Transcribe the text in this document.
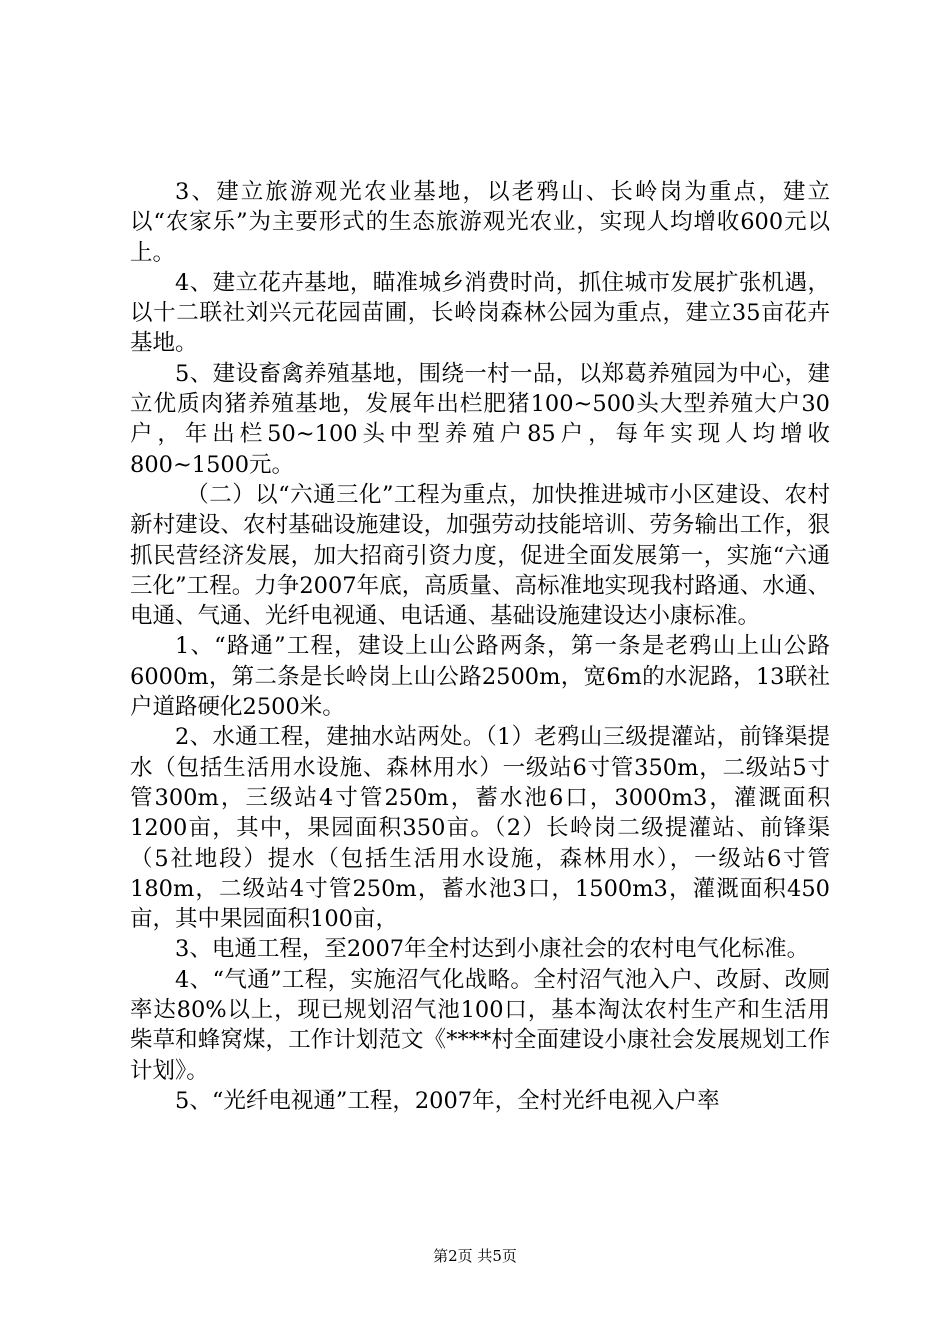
3、建立旅游观光农业基地，以老鸦山、长岭岗为重点，建立以“农家乐”为主要形式的生态旅游观光农业，实现人均增收600元以上。

4、建立花卉基地，瞄准城乡消费时尚，抓住城市发展扩张机遇，以十二联社刘兴元花园苗圃，长岭岗森林公园为重点，建立35亩花卉基地。

5、建设畜禽养殖基地，围绕一村一品，以郑葛养殖园为中心，建立优质肉猪养殖基地，发展年出栏肥猪100~500头大型养殖大户30户，年出栏50~100头中型养殖户85户，每年实现人均增收800~1500元。

（二）以“六通三化”工程为重点，加快推进城市小区建设、农村新村建设、农村基础设施建设，加强劳动技能培训、劳务输出工作，狠抓民营经济发展，加大招商引资力度，促进全面发展第一，实施“六通三化”工程。力争2007年底，高质量、高标准地实现我村路通、水通、电通、气通、光纤电视通、电话通、基础设施建设达小康标准。

1、“路通”工程，建设上山公路两条，第一条是老鸦山上山公路6000m，第二条是长岭岗上山公路2500m，宽6m的水泥路，13联社户道路硬化2500米。

2、水通工程，建抽水站两处。（1）老鸦山三级提灌站，前锋渠提水（包括生活用水设施、森林用水）一级站6寸管350m，二级站5寸管300m，三级站4寸管250m，蓄水池6口，3000m3，灌溉面积1200亩，其中，果园面积350亩。（2）长岭岗二级提灌站、前锋渠（5社地段）提水（包括生活用水设施，森林用水），一级站6寸管180m，二级站4寸管250m，蓄水池3口，1500m3，灌溉面积450亩，其中果园面积100亩，

3、电通工程，至2007年全村达到小康社会的农村电气化标准。

4、“气通”工程，实施沼气化战略。全村沼气池入户、改厨、改厕率达80%以上，现已规划沼气池100口，基本淘汰农村生产和生活用柴草和蜂窝煤，工作计划范文《****村全面建设小康社会发展规划工作计划》。

5、“光纤电视通”工程，2007年，全村光纤电视入户率

第2页 共5页
